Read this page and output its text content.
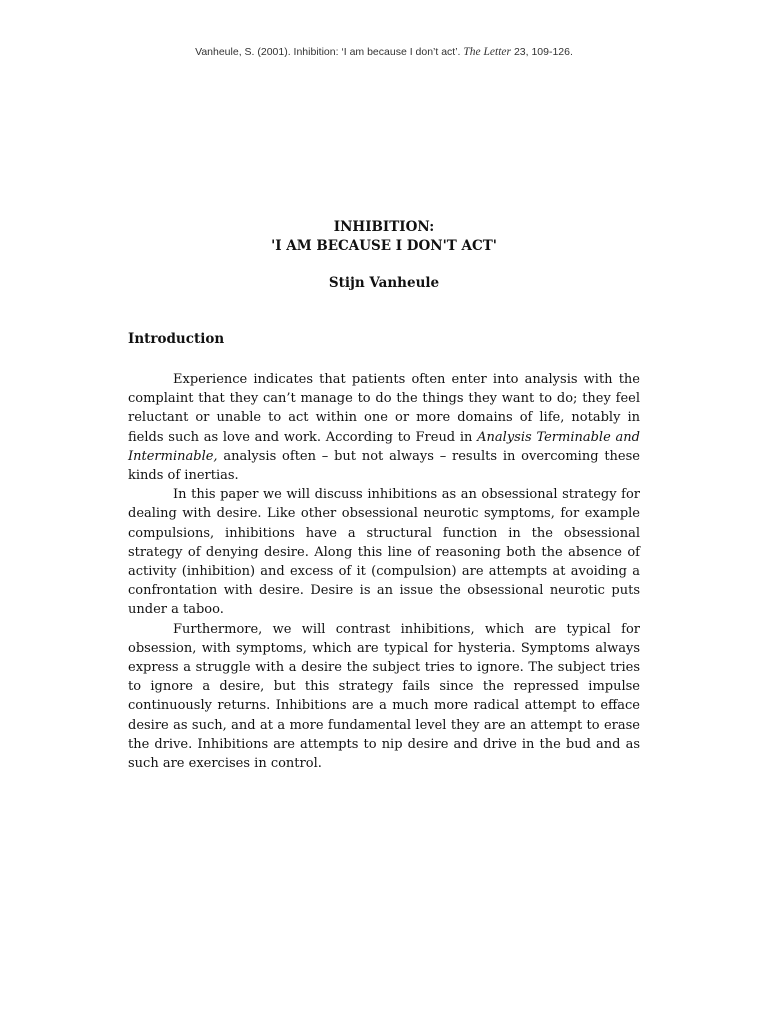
Vanheule, S. (2001). Inhibition: ‘I am because I don’t act’. The Letter 23, 109-126.
INHIBITION:
'I AM BECAUSE I DON'T ACT'
Stijn Vanheule
Introduction

Experience indicates that patients often enter into analysis with the complaint that they can’t manage to do the things they want to do; they feel reluctant or unable to act within one or more domains of life, notably in fields such as love and work. According to Freud in Analysis Terminable and Interminable, analysis often – but not always – results in overcoming these kinds of inertias.

In this paper we will discuss inhibitions as an obsessional strategy for dealing with desire. Like other obsessional neurotic symptoms, for example compulsions, inhibitions have a structural function in the obsessional strategy of denying desire. Along this line of reasoning both the absence of activity (inhibition) and excess of it (compulsion) are attempts at avoiding a confrontation with desire. Desire is an issue the obsessional neurotic puts under a taboo.

Furthermore, we will contrast inhibitions, which are typical for obsession, with symptoms, which are typical for hysteria. Symptoms always express a struggle with a desire the subject tries to ignore. The subject tries to ignore a desire, but this strategy fails since the repressed impulse continuously returns. Inhibitions are a much more radical attempt to efface desire as such, and at a more fundamental level they are an attempt to erase the drive. Inhibitions are attempts to nip desire and drive in the bud and as such are exercises in control.
